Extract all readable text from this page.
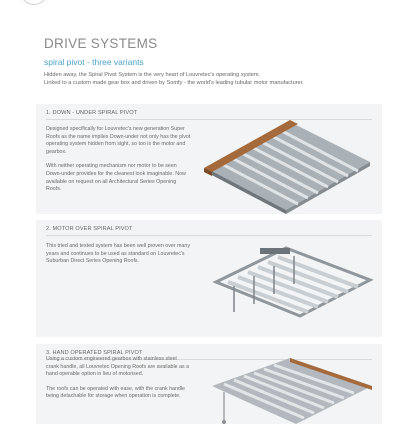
DRIVE SYSTEMS
spiral pivot - three variants
Hidden away, the Spiral Pivot System is the very heart of Louvretec's operating system.
Linked to a custom made gear box and driven by Somfy - the world's leading tubular motor manufacturer.
1. DOWN - UNDER SPIRAL PIVOT

Designed specifically for Louvretec's new generation Super Roofs as the name implies Down-under not only has the pivot operating system hidden from sight, so too is the motor and gearbox.

With neither operating mechanism nor motor to be seen Down-under provides for the cleanest look imaginable. Now available on request on all Architectural Series Opening Roofs.

2. MOTOR OVER SPIRAL PIVOT

This tried and tested system has been well proven over many years and continues to be used as standard on Louvretec's Suburban Direct Series Opening Roofs.

3. HAND OPERATED SPIRAL PIVOT

Using a custom engineered gearbox with stainless steel crank handle, all Louvretec Opening Roofs are available as a hand operable option in lieu of motorised.

The roofs can be operated with ease, with the crank handle being detachable for storage when operation is complete.
